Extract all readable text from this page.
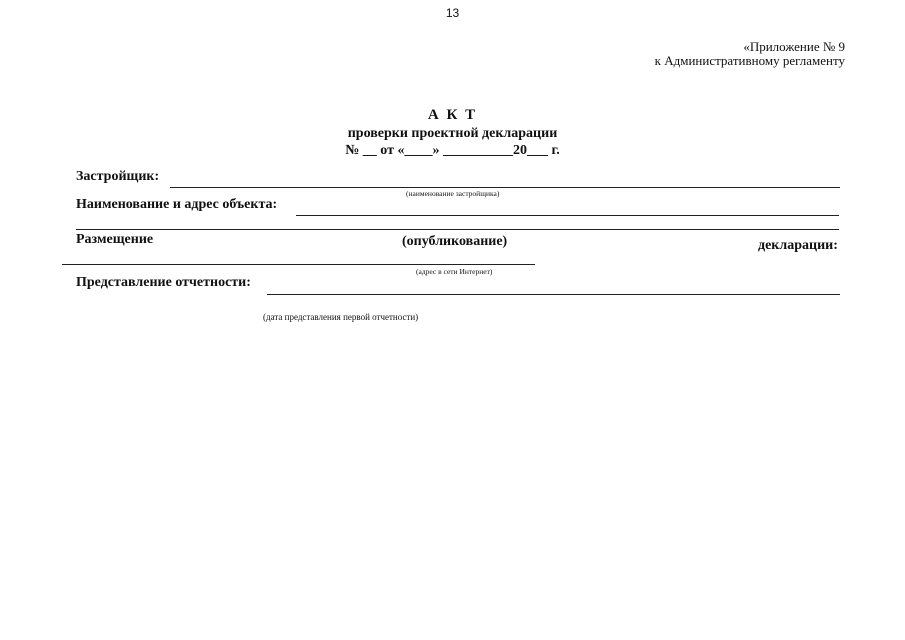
13
«Приложение № 9
к Административному регламенту
А К Т
проверки проектной декларации
№ __ от «____» __________20___ г.
Застройщик:
(наименование застройщика)
Наименование и адрес объекта:
Размещение	(опубликование)	декларации:
(адрес в сети Интернет)
Представление отчетности:
(дата представления первой отчетности)
